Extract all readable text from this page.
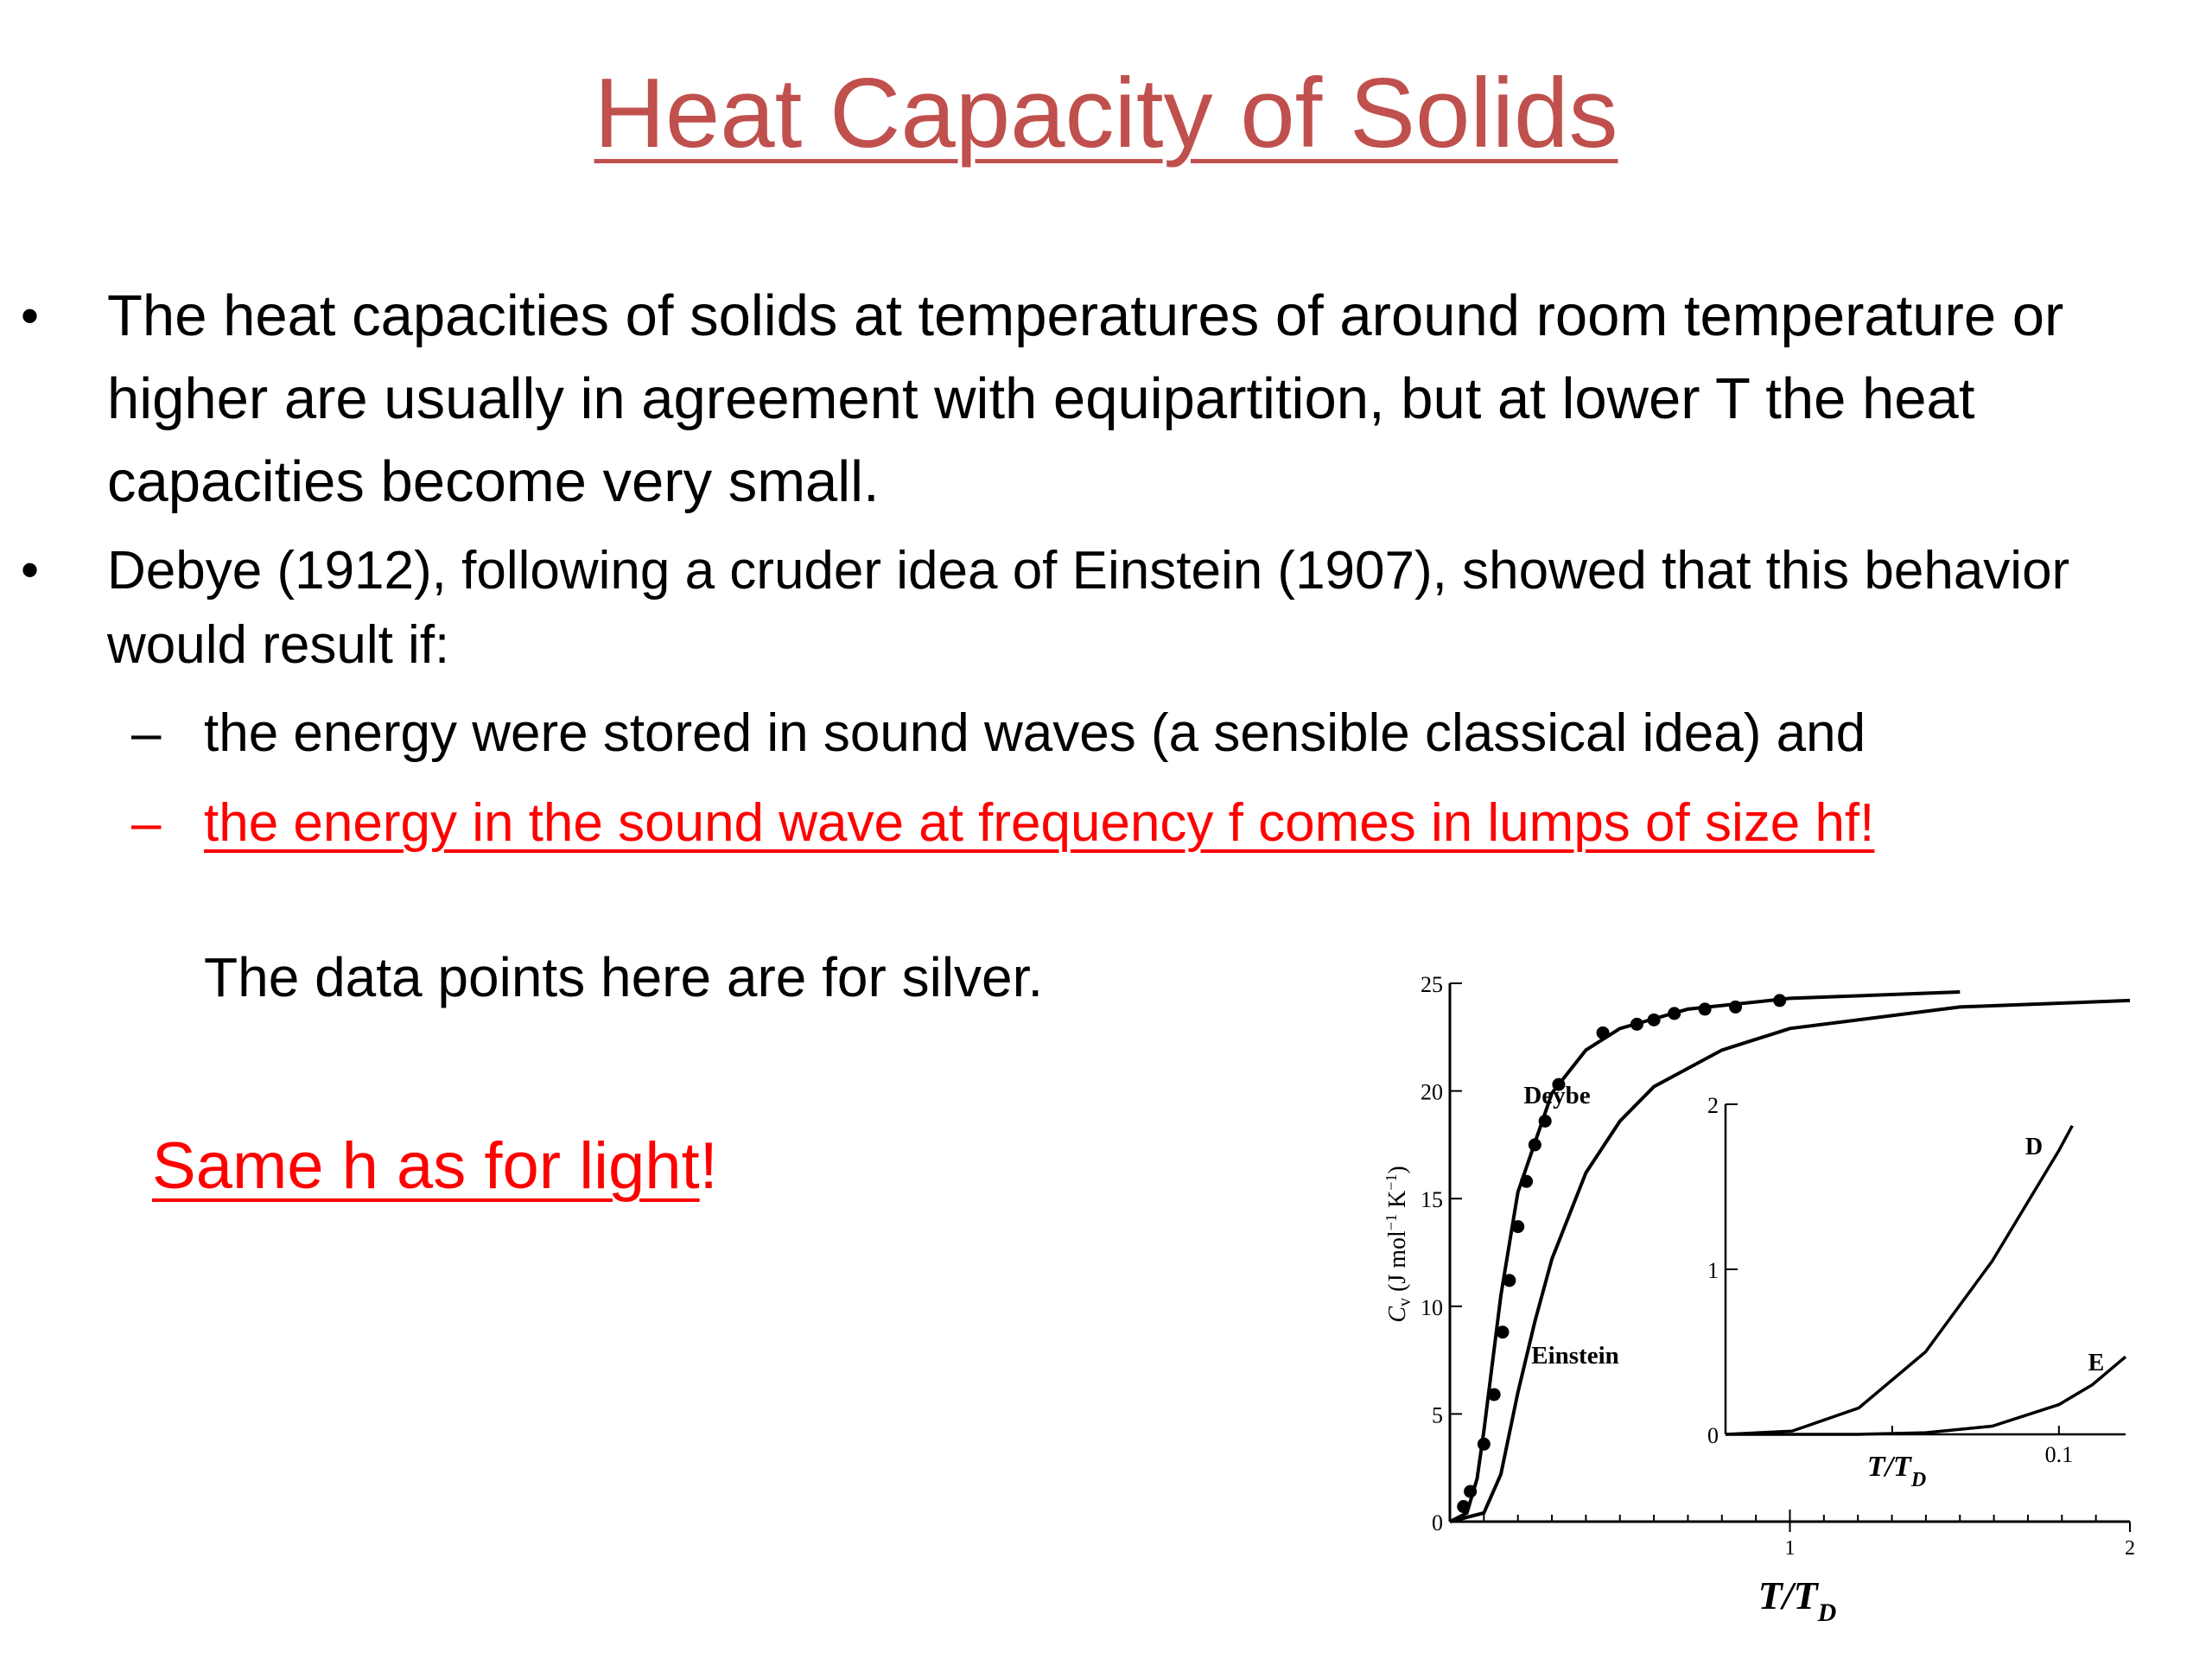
Heat Capacity of Solids
• The heat capacities of solids at temperatures of around room temperature or higher are usually in agreement with equipartition, but at lower T the heat capacities become very small.
• Debye (1912), following a cruder idea of Einstein (1907), showed that this behavior would result if:
– the energy were stored in sound waves (a sensible classical idea) and
– the energy in the sound wave at frequency f comes in lumps of size hf!
The data points here are for silver.
Same h as for light!
0
5
10
15
20
25
1	2
0
1
2
0.1
D
E
$T/T_D$
$T/T_D$
$C_v$ (J mol$^{-1}$ $K^{-1}$)
Deybe
Einstein
